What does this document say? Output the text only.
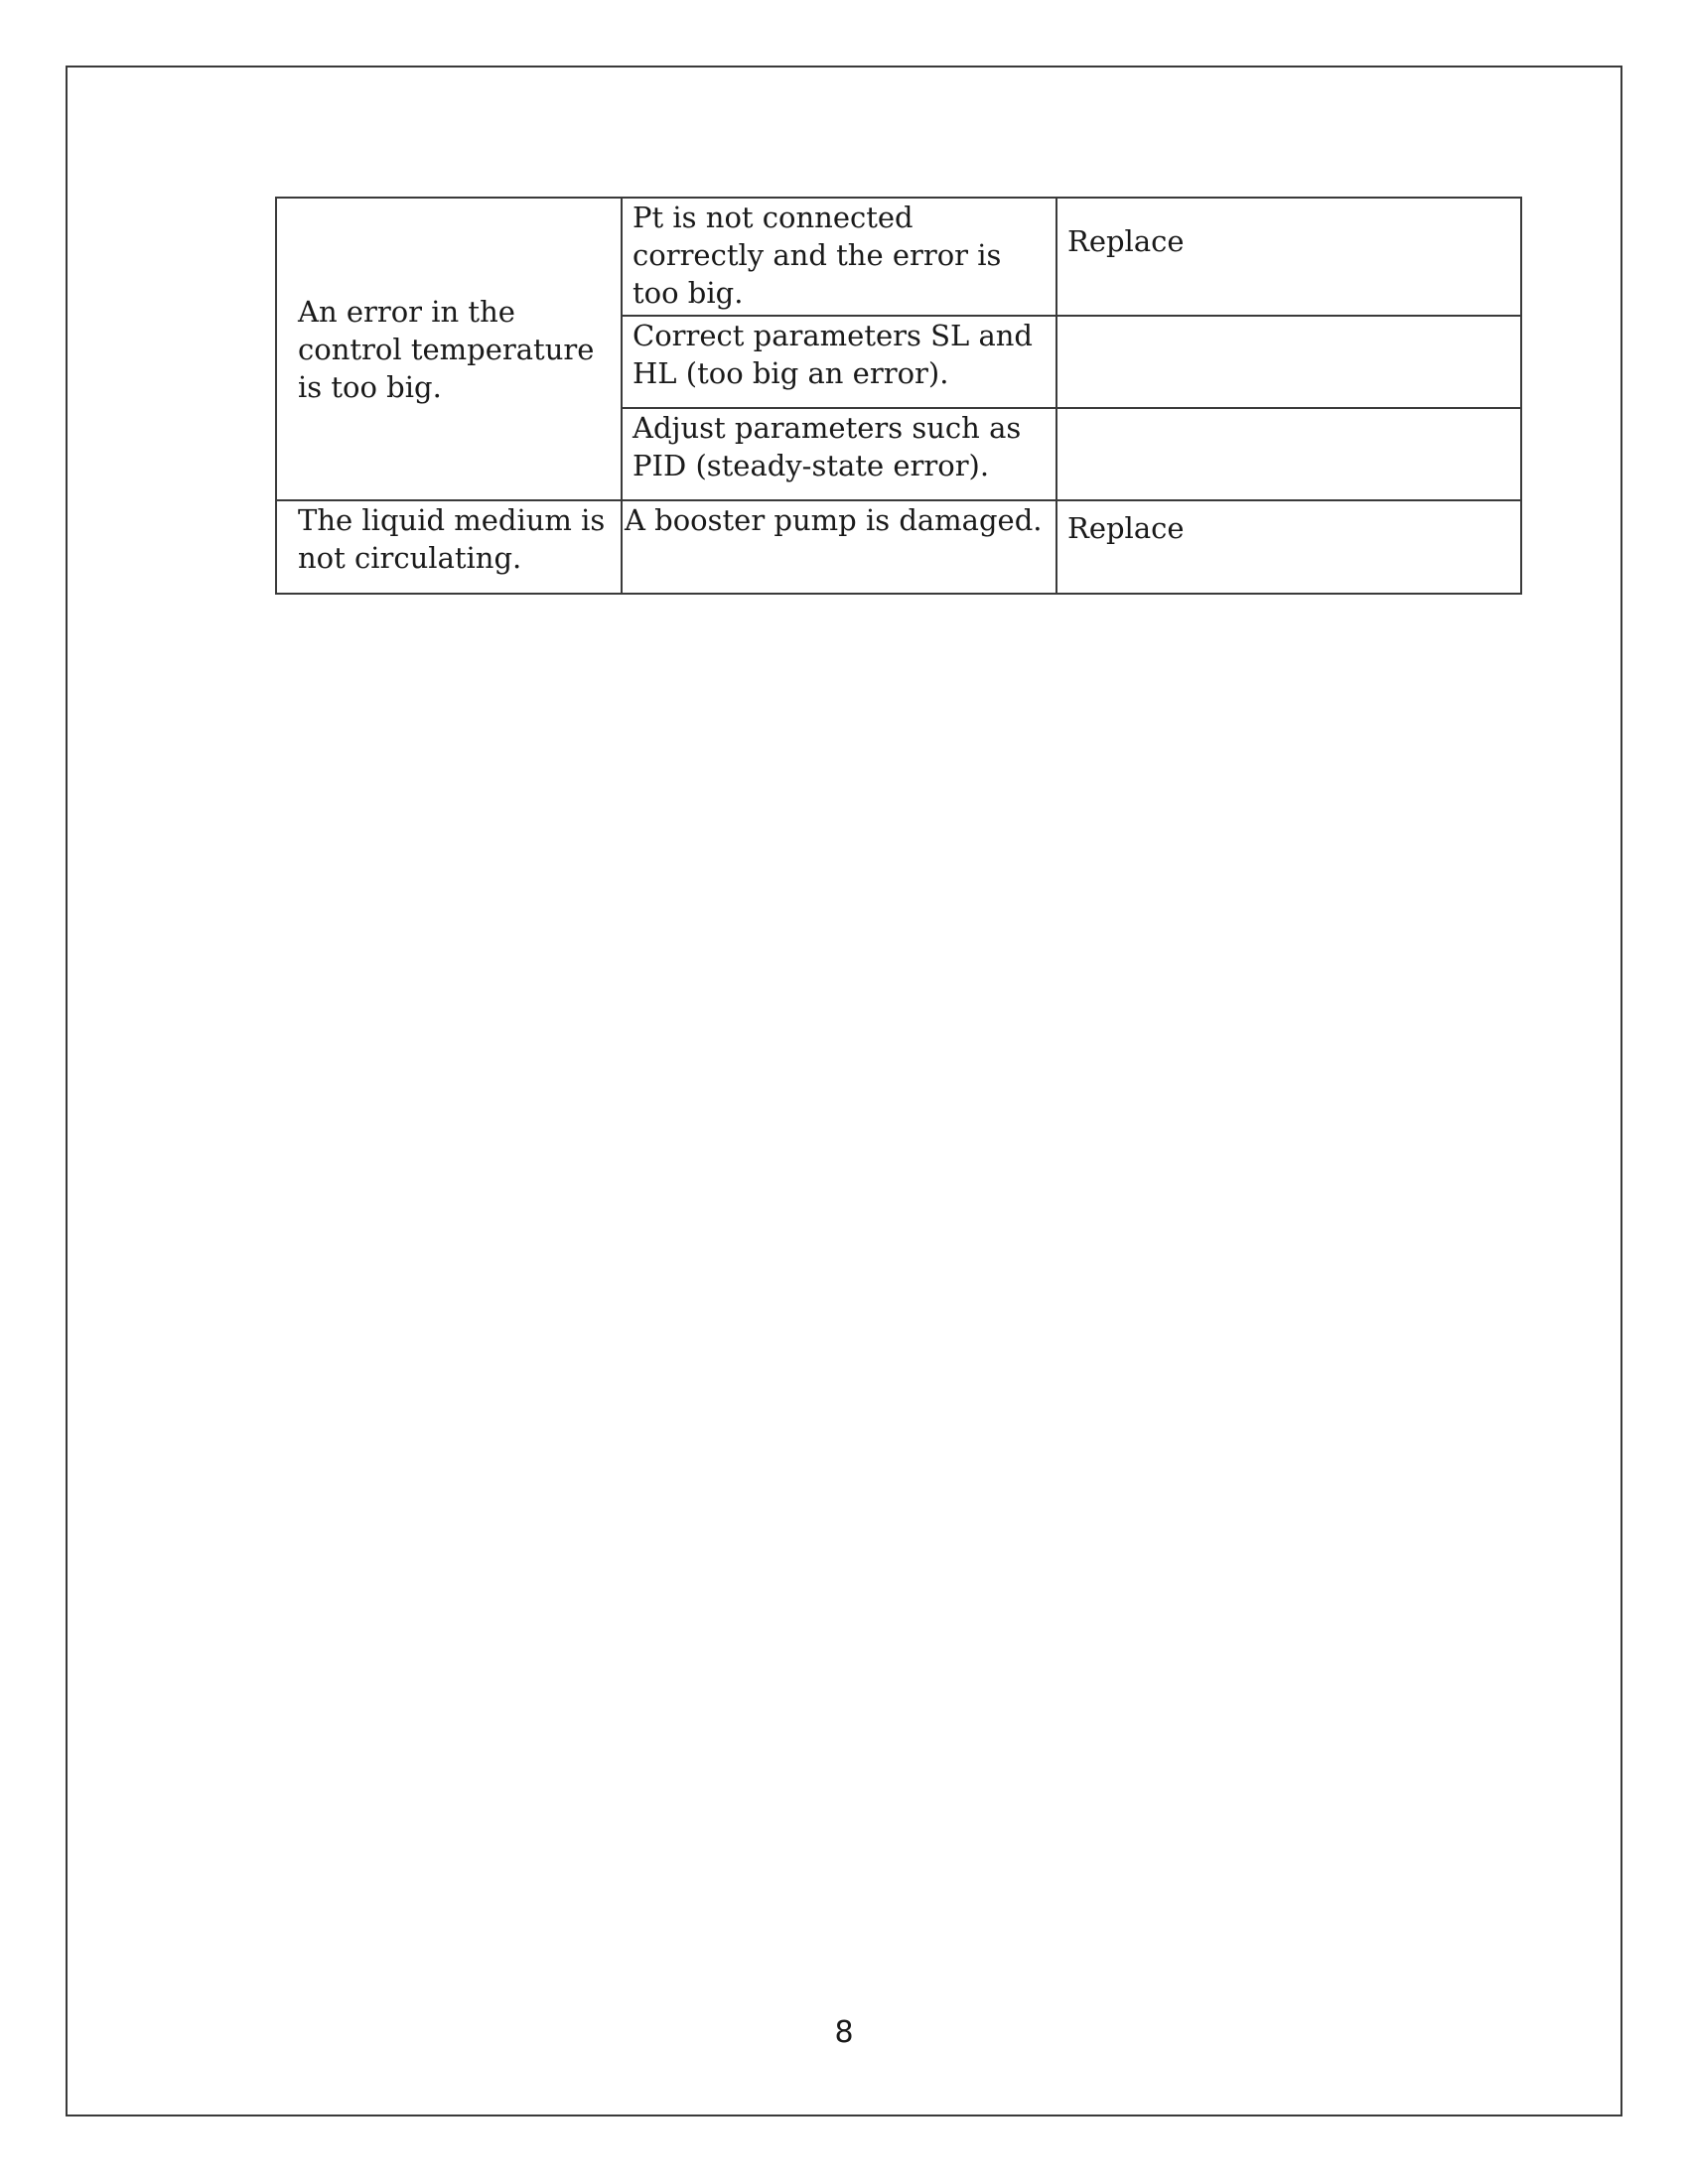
An error in the control temperature is too big.	Pt is not connected correctly and the error is too big.	Replace
	Correct parameters SL and HL (too big an error).	
	Adjust parameters such as PID (steady-state error).	
The liquid medium is not circulating.	A booster pump is damaged.	Replace
8
